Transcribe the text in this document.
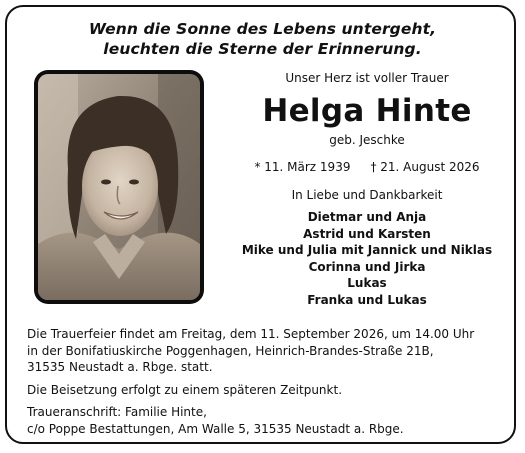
Wenn die Sonne des Lebens untergeht,
leuchten die Sterne der Erinnerung.
Unser Herz ist voller Trauer
Helga Hinte
geb. Jeschke
* 11. März 1939 † 21. August 2026
In Liebe und Dankbarkeit
Dietmar und Anja
Astrid und Karsten
Mike und Julia mit Jannick und Niklas
Corinna und Jirka
Lukas
Franka und Lukas

Die Trauerfeier findet am Freitag, dem 11. September 2026, um 14.00 Uhr
in der Bonifatiuskirche Poggenhagen, Heinrich-Brandes-Straße 21B,
31535 Neustadt a. Rbge. statt.

Die Beisetzung erfolgt zu einem späteren Zeitpunkt.

Traueranschrift: Familie Hinte,
c/o Poppe Bestattungen, Am Walle 5, 31535 Neustadt a. Rbge.
